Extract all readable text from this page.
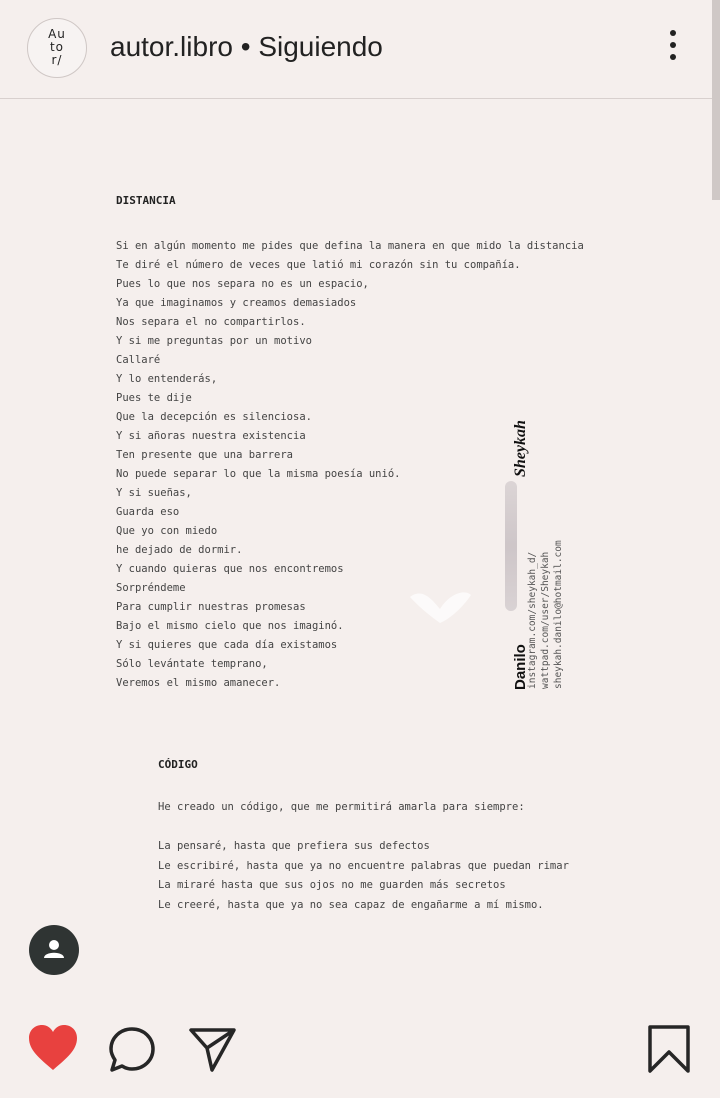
Au
to
r/	autor.libro • Siguiendo
DISTANCIA
Si en algún momento me pides que defina la manera en que mido la distancia
Te diré el número de veces que latió mi corazón sin tu compañía.
Pues lo que nos separa no es un espacio,
Ya que imaginamos y creamos demasiados
Nos separa el no compartirlos.
Y si me preguntas por un motivo
Callaré
Y lo entenderás,
Pues te dije
Que la decepción es silenciosa.
Y si añoras nuestra existencia
Ten presente que una barrera
No puede separar lo que la misma poesía unió.
Y si sueñas,
Guarda eso
Que yo con miedo
he dejado de dormir.
Y cuando quieras que nos encontremos
Sorpréndeme
Para cumplir nuestras promesas
Bajo el mismo cielo que nos imaginó.
Y si quieres que cada día existamos
Sólo levántate temprano,
Veremos el mismo amanecer.
Sheykah
Danilo
instagram.com/sheykah_d/ wattpad.com/user/Sheykah sheykah.danilo@hotmail.com
CÓDIGO
He creado un código, que me permitirá amarla para siempre:
La pensaré, hasta que prefiera sus defectos
Le escribiré, hasta que ya no encuentre palabras que puedan rimar
La miraré hasta que sus ojos no me guarden más secretos
Le creeré, hasta que ya no sea capaz de engañarme a mí mismo.
